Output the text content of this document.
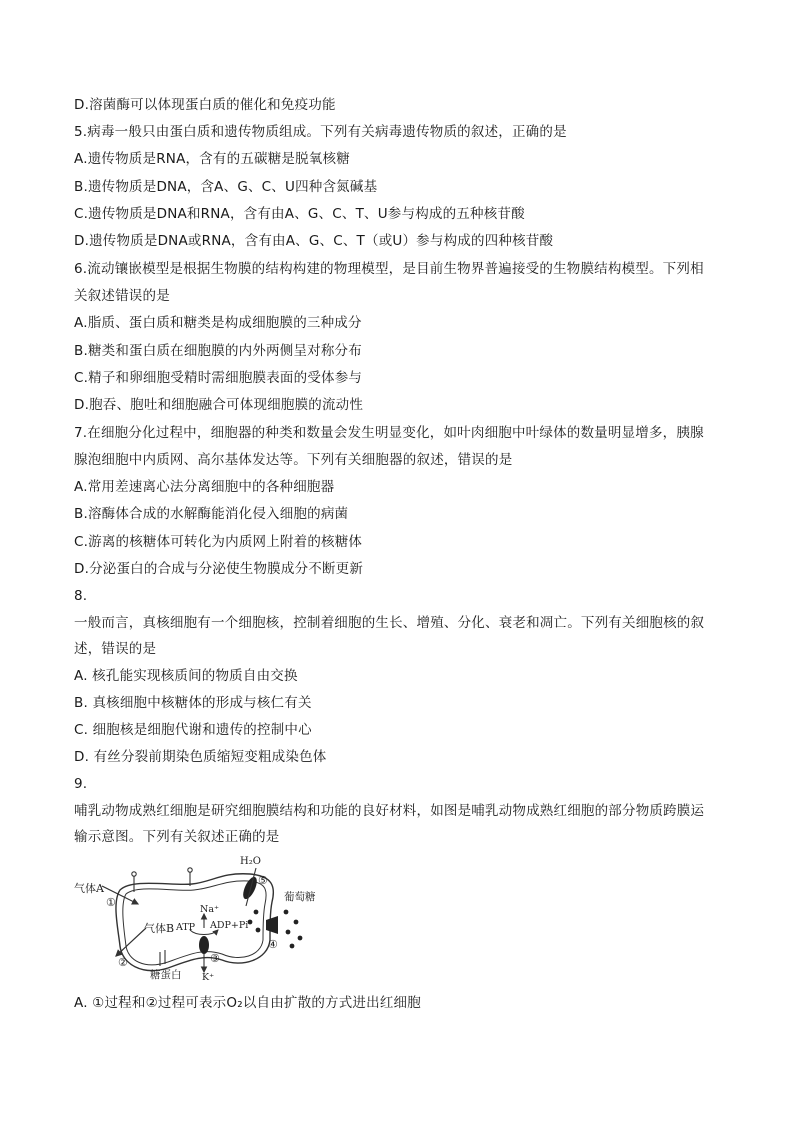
D.溶菌酶可以体现蛋白质的催化和免疫功能
5.病毒一般只由蛋白质和遗传物质组成。下列有关病毒遗传物质的叙述，正确的是
A.遗传物质是RNA，含有的五碳糖是脱氧核糖
B.遗传物质是DNA，含A、G、C、U四种含氮碱基
C.遗传物质是DNA和RNA，含有由A、G、C、T、U参与构成的五种核苷酸
D.遗传物质是DNA或RNA，含有由A、G、C、T（或U）参与构成的四种核苷酸
6.流动镶嵌模型是根据生物膜的结构构建的物理模型，是目前生物界普遍接受的生物膜结构模型。下列相
关叙述错误的是
A.脂质、蛋白质和糖类是构成细胞膜的三种成分
B.糖类和蛋白质在细胞膜的内外两侧呈对称分布
C.精子和卵细胞受精时需细胞膜表面的受体参与
D.胞吞、胞吐和细胞融合可体现细胞膜的流动性
7.在细胞分化过程中，细胞器的种类和数量会发生明显变化，如叶肉细胞中叶绿体的数量明显增多，胰腺
腺泡细胞中内质网、高尔基体发达等。下列有关细胞器的叙述，错误的是
A.常用差速离心法分离细胞中的各种细胞器
B.溶酶体合成的水解酶能消化侵入细胞的病菌
C.游离的核糖体可转化为内质网上附着的核糖体
D.分泌蛋白的合成与分泌使生物膜成分不断更新
8.
一般而言，真核细胞有一个细胞核，控制着细胞的生长、增殖、分化、衰老和凋亡。下列有关细胞核的叙
述，错误的是
A. 核孔能实现核质间的物质自由交换
B. 真核细胞中核糖体的形成与核仁有关
C. 细胞核是细胞代谢和遗传的控制中心
D. 有丝分裂前期染色质缩短变粗成染色体
9.
哺乳动物成熟红细胞是研究细胞膜结构和功能的良好材料，如图是哺乳动物成熟红细胞的部分物质跨膜运
输示意图。下列有关叙述正确的是
气体A
①
气体B
②
糖蛋白
H₂O
⑤
Na⁺
ATP ADP+Pi
③
K⁺
葡萄糖
④
A. ①过程和②过程可表示O₂以自由扩散的方式进出红细胞
